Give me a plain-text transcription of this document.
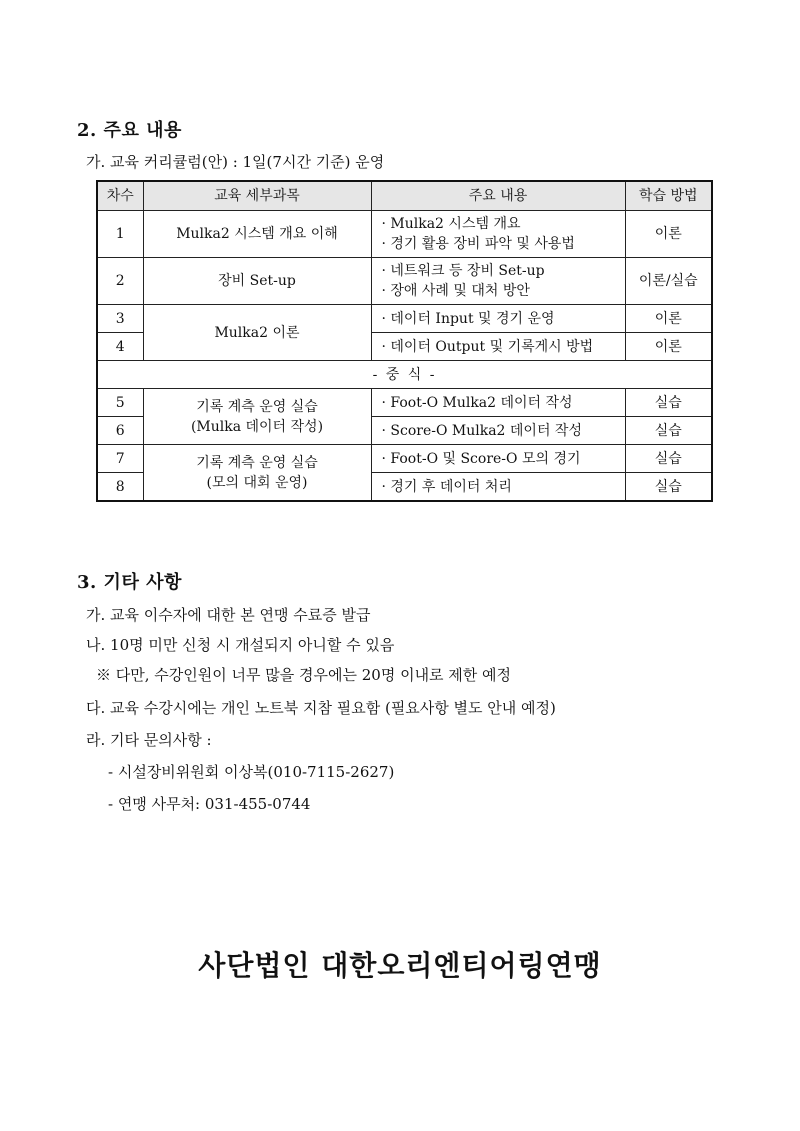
2. 주요 내용

가. 교육 커리큘럼(안) : 1일(7시간 기준) 운영

차수	교육 세부과목	주요 내용	학습 방법
1	Mulka2 시스템 개요 이해	· Mulka2 시스템 개요
· 경기 활용 장비 파악 및 사용법	이론
2	장비 Set-up	· 네트워크 등 장비 Set-up
· 장애 사례 및 대처 방안	이론/실습
3	Mulka2 이론	· 데이터 Input 및 경기 운영	이론
4		· 데이터 Output 및 기록게시 방법	이론
- 중 식 -			
5	기록 계측 운영 실습
(Mulka 데이터 작성)	· Foot-O Mulka2 데이터 작성	실습
6		· Score-O Mulka2 데이터 작성	실습
7	기록 계측 운영 실습
(모의 대회 운영)	· Foot-O 및 Score-O 모의 경기	실습
8		· 경기 후 데이터 처리	실습
3. 기타 사항

가. 교육 이수자에 대한 본 연맹 수료증 발급

나. 10명 미만 신청 시 개설되지 아니할 수 있음

※ 다만, 수강인원이 너무 많을 경우에는 20명 이내로 제한 예정

다. 교육 수강시에는 개인 노트북 지참 필요함 (필요사항 별도 안내 예정)

라. 기타 문의사항 :

- 시설장비위원회 이상복(010-7115-2627)

- 연맹 사무처: 031-455-0744

사단법인 대한오리엔티어링연맹
